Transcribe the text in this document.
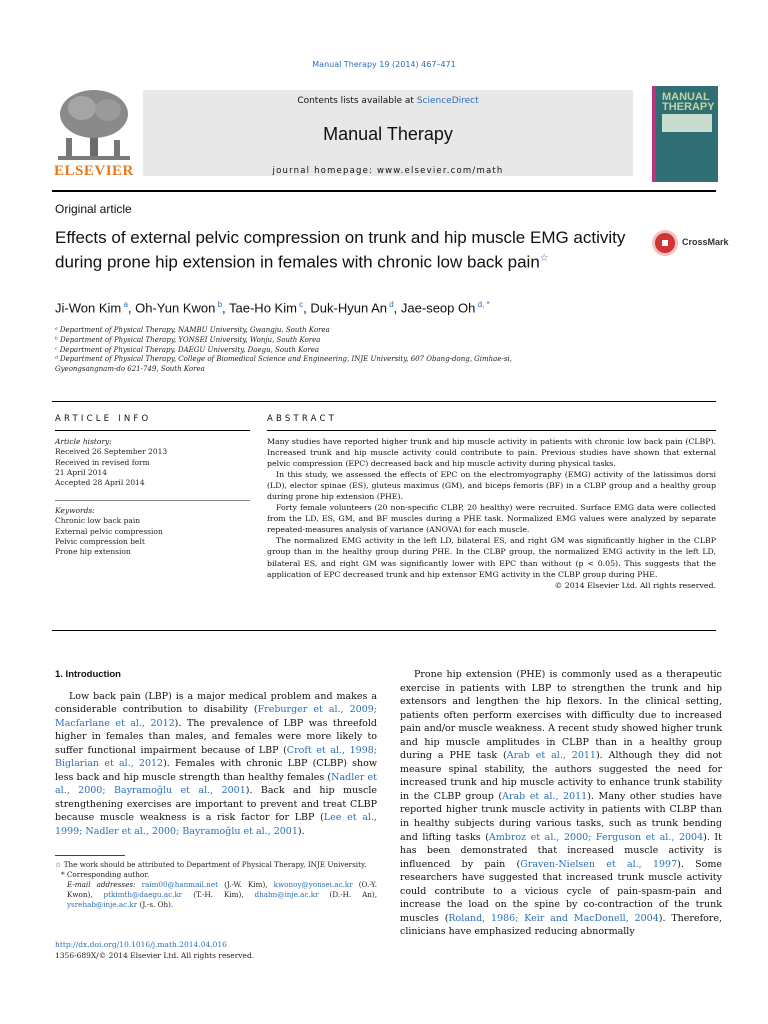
Manual Therapy 19 (2014) 467–471
ELSEVIER
Contents lists available at ScienceDirect
Manual Therapy
journal homepage: www.elsevier.com/math
MANUAL THERAPY
Original article
Effects of external pelvic compression on trunk and hip muscle EMG activity during prone hip extension in females with chronic low back pain☆
CrossMark
Ji-Won Kim $^a$, Oh-Yun Kwon $^b$, Tae-Ho Kim $^c$, Duk-Hyun An $^d$, Jae-seop Oh $^{d, *}$
ᵃ Department of Physical Therapy, NAMBU University, Gwangju, South Korea
ᵇ Department of Physical Therapy, YONSEI University, Wonju, South Korea
ᶜ Department of Physical Therapy, DAEGU University, Daegu, South Korea
ᵈ Department of Physical Therapy, College of Biomedical Science and Engineering, INJE University, 607 Obang-dong, Gimhae-si,
Gyeongsangnam-do 621-749, South Korea
ARTICLE INFO	ABSTRACT
Article history:
Received 26 September 2013
Received in revised form
21 April 2014
Accepted 28 April 2014
Keywords:
Chronic low back pain
External pelvic compression
Pelvic compression belt
Prone hip extension

Many studies have reported higher trunk and hip muscle activity in patients with chronic low back pain (CLBP). Increased trunk and hip muscle activity could contribute to pain. Previous studies have shown that external pelvic compression (EPC) decreased back and hip muscle activity during physical tasks.

In this study, we assessed the effects of EPC on the electromyography (EMG) activity of the latissimus dorsi (LD), elector spinae (ES), gluteus maximus (GM), and biceps femoris (BF) in a CLBP group and a healthy group during prone hip extension (PHE).

Forty female volunteers (20 non-specific CLBP, 20 healthy) were recruited. Surface EMG data were collected from the LD, ES, GM, and BF muscles during a PHE task. Normalized EMG values were analyzed by separate repeated-measures analysis of variance (ANOVA) for each muscle.

The normalized EMG activity in the left LD, bilateral ES, and right GM was significantly higher in the CLBP group than in the healthy group during PHE. In the CLBP group, the normalized EMG activity in the left LD, bilateral ES, and right GM was significantly lower with EPC than without (p < 0.05). This suggests that the application of EPC decreased trunk and hip extensor EMG activity in the CLBP group during PHE.

© 2014 Elsevier Ltd. All rights reserved.
1. Introduction

Low back pain (LBP) is a major medical problem and makes a considerable contribution to disability (Freburger et al., 2009; Macfarlane et al., 2012). The prevalence of LBP was threefold higher in females than males, and females were more likely to suffer functional impairment because of LBP (Croft et al., 1998; Biglarian et al., 2012). Females with chronic LBP (CLBP) show less back and hip muscle strength than healthy females (Nadler et al., 2000; Bayramoğlu et al., 2001). Back and hip muscle strengthening exercises are important to prevent and treat CLBP because muscle weakness is a risk factor for LBP (Lee et al., 1999; Nadler et al., 2000; Bayramoğlu et al., 2001).

Prone hip extension (PHE) is commonly used as a therapeutic exercise in patients with LBP to strengthen the trunk and hip extensors and lengthen the hip flexors. In the clinical setting, patients often perform exercises with difficulty due to increased pain and/or muscle weakness. A recent study showed higher trunk and hip muscle amplitudes in CLBP than in a healthy group during a PHE task (Arab et al., 2011). Although they did not measure spinal stability, the authors suggested the need for increased trunk and hip muscle activity to enhance trunk stability in the CLBP group (Arab et al., 2011). Many other studies have reported higher trunk muscle activity in patients with CLBP than in healthy subjects during various tasks, such as trunk bending and lifting tasks (Ambroz et al., 2000; Ferguson et al., 2004). It has been demonstrated that increased muscle activity is influenced by pain (Graven-Nielsen et al., 1997). Some researchers have suggested that increased trunk muscle activity could contribute to a vicious cycle of pain-spasm-pain and increase the load on the spine by co-contraction of the trunk muscles (Roland, 1986; Keir and MacDonell, 2004). Therefore, clinicians have emphasized reducing abnormally

☆ The work should be attributed to Department of Physical Therapy, INJE University.
* Corresponding author.
E-mail addresses: raim00@hanmail.net (J.-W. Kim), kwonoy@yonsei.ac.kr (O.-Y. Kwon), ptkimth@daegu.ac.kr (T.-H. Kim), dhahn@inje.ac.kr (D.-H. An), ysrehab@inje.ac.kr (J.-s. Oh).
http://dx.doi.org/10.1016/j.math.2014.04.016
1356-689X/© 2014 Elsevier Ltd. All rights reserved.
